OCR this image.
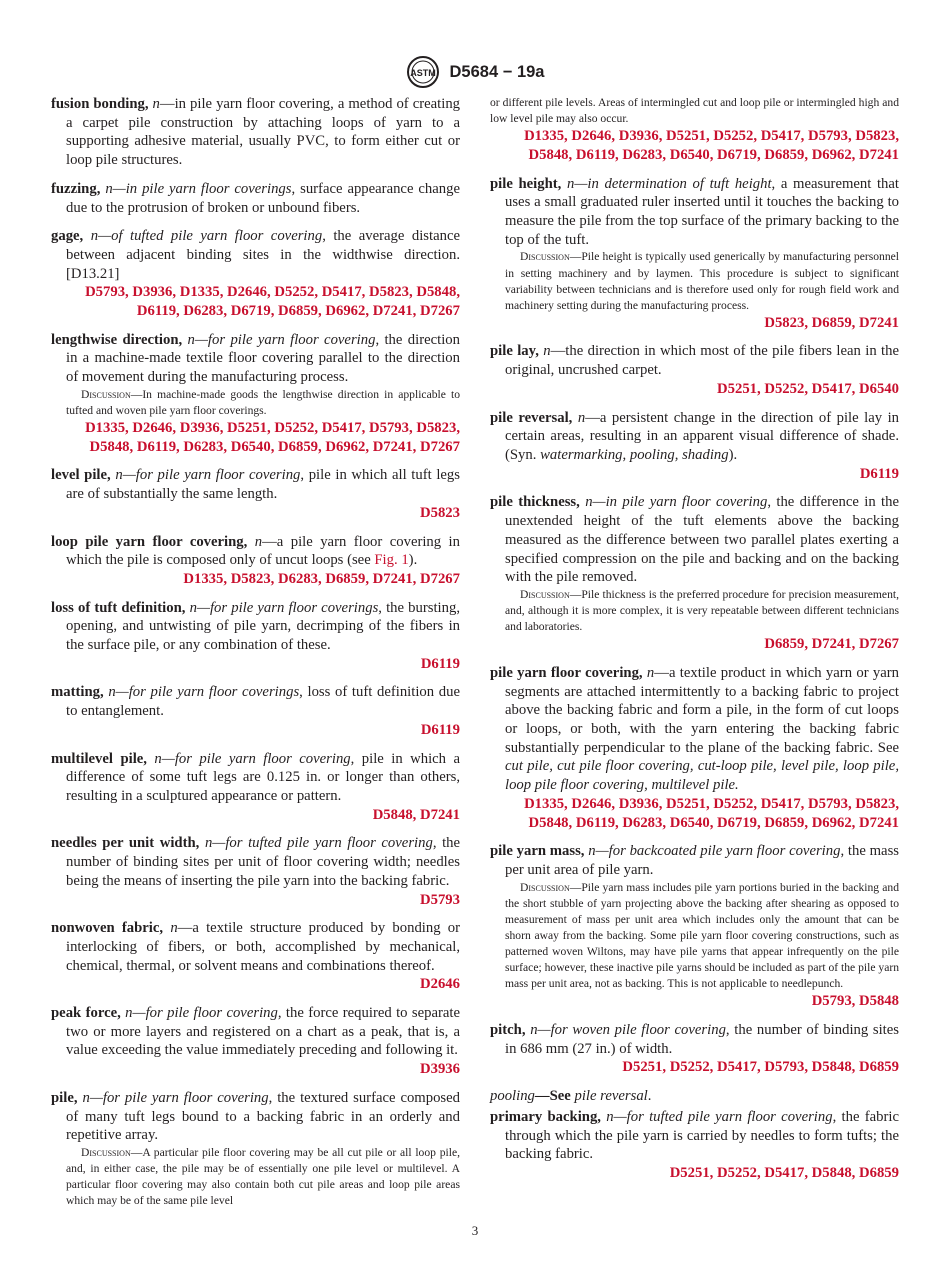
ASTM D5684 − 19a
fusion bonding, n—in pile yarn floor covering, a method of creating a carpet pile construction by attaching loops of yarn to a supporting adhesive material, usually PVC, to form either cut or loop pile structures.
fuzzing, n—in pile yarn floor coverings, surface appearance change due to the protrusion of broken or unbound fibers.
gage, n—of tufted pile yarn floor covering, the average distance between adjacent binding sites in the widthwise direction. [D13.21]
D5793, D3936, D1335, D2646, D5252, D5417, D5823, D5848, D6119, D6283, D6719, D6859, D6962, D7241, D7267
lengthwise direction, n—for pile yarn floor covering, the direction in a machine-made textile floor covering parallel to the direction of movement during the manufacturing process.

Discussion—In machine-made goods the lengthwise direction in applicable to tufted and woven pile yarn floor coverings.

D1335, D2646, D3936, D5251, D5252, D5417, D5793, D5823, D5848, D6119, D6283, D6540, D6859, D6962, D7241, D7267
level pile, n—for pile yarn floor covering, pile in which all tuft legs are of substantially the same length.
D5823
loop pile yarn floor covering, n—a pile yarn floor covering in which the pile is composed only of uncut loops (see Fig. 1).
D1335, D5823, D6283, D6859, D7241, D7267
loss of tuft definition, n—for pile yarn floor coverings, the bursting, opening, and untwisting of pile yarn, decrimping of the fibers in the surface pile, or any combination of these.
D6119
matting, n—for pile yarn floor coverings, loss of tuft definition due to entanglement.
D6119
multilevel pile, n—for pile yarn floor covering, pile in which a difference of some tuft legs are 0.125 in. or longer than others, resulting in a sculptured appearance or pattern.
D5848, D7241
needles per unit width, n—for tufted pile yarn floor covering, the number of binding sites per unit of floor covering width; needles being the means of inserting the pile yarn into the backing fabric.
D5793
nonwoven fabric, n—a textile structure produced by bonding or interlocking of fibers, or both, accomplished by mechanical, chemical, thermal, or solvent means and combinations thereof.
D2646
peak force, n—for pile floor covering, the force required to separate two or more layers and registered on a chart as a peak, that is, a value exceeding the value immediately preceding and following it.
D3936
pile, n—for pile yarn floor covering, the textured surface composed of many tuft legs bound to a backing fabric in an orderly and repetitive array.

Discussion—A particular pile floor covering may be all cut pile or all loop pile, and, in either case, the pile may be of essentially one pile level or multilevel. A particular floor covering may also contain both cut pile areas and loop pile areas which may be of the same pile level

or different pile levels. Areas of intermingled cut and loop pile or intermingled high and low level pile may also occur.
D1335, D2646, D3936, D5251, D5252, D5417, D5793, D5823, D5848, D6119, D6283, D6540, D6719, D6859, D6962, D7241
pile height, n—in determination of tuft height, a measurement that uses a small graduated ruler inserted until it touches the backing to measure the pile from the top surface of the primary backing to the top of the tuft.

Discussion—Pile height is typically used generically by manufacturing personnel in setting machinery and by laymen. This procedure is subject to significant variability between technicians and is therefore used only for rough field work and machinery setting during the manufacturing process.

D5823, D6859, D7241
pile lay, n—the direction in which most of the pile fibers lean in the original, uncrushed carpet.
D5251, D5252, D5417, D6540
pile reversal, n—a persistent change in the direction of pile lay in certain areas, resulting in an apparent visual difference of shade. (Syn. watermarking, pooling, shading).
D6119
pile thickness, n—in pile yarn floor covering, the difference in the unextended height of the tuft elements above the backing measured as the difference between two parallel plates exerting a specified compression on the pile and backing and on the backing with the pile removed.

Discussion—Pile thickness is the preferred procedure for precision measurement, and, although it is more complex, it is very repeatable between different technicians and laboratories.

D6859, D7241, D7267
pile yarn floor covering, n—a textile product in which yarn or yarn segments are attached intermittently to a backing fabric to project above the backing fabric and form a pile, in the form of cut loops or loops, or both, with the yarn entering the backing fabric substantially perpendicular to the plane of the backing fabric. See cut pile, cut pile floor covering, cut-loop pile, level pile, loop pile, loop pile floor covering, multilevel pile.
D1335, D2646, D3936, D5251, D5252, D5417, D5793, D5823, D5848, D6119, D6283, D6540, D6719, D6859, D6962, D7241
pile yarn mass, n—for backcoated pile yarn floor covering, the mass per unit area of pile yarn.

Discussion—Pile yarn mass includes pile yarn portions buried in the backing and the short stubble of yarn projecting above the backing after shearing as opposed to measurement of mass per unit area which includes only the amount that can be shorn away from the backing. Some pile yarn floor covering constructions, such as patterned woven Wiltons, may have pile yarns that appear infrequently on the pile surface; however, these inactive pile yarns should be included as part of the pile yarn mass per unit area, not as backing. This is not applicable to needlepunch.

D5793, D5848
pitch, n—for woven pile floor covering, the number of binding sites in 686 mm (27 in.) of width.
D5251, D5252, D5417, D5793, D5848, D6859
pooling—See pile reversal.
primary backing, n—for tufted pile yarn floor covering, the fabric through which the pile yarn is carried by needles to form tufts; the backing fabric.
D5251, D5252, D5417, D5848, D6859
3
